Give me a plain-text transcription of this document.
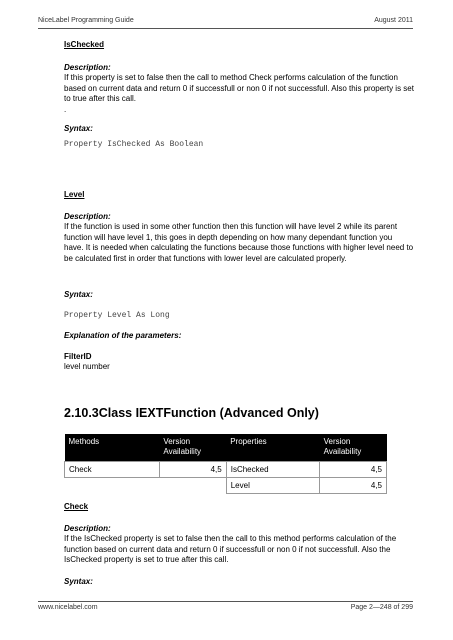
NiceLabel Programming Guide	August 2011
IsChecked
Description:
If this property is set to false then the call to method Check performs calculation of the function based on current data and return 0 if successfull or non 0 if not successfull. Also this property is set to true after this call.
.
Syntax:
Property IsChecked As Boolean
Level
Description:
If the function is used in some other function then this function will have level 2 while its parent function will have level 1, this goes in depth depending on how many dependant function you have. It is needed when calculating the functions because those functions with higher level need to be calculated first in order that functions with lower level are calculated properly.
Syntax:
Property Level As Long
Explanation of the parameters:
FilterID
level number
2.10.3Class IEXTFunction (Advanced Only)
Methods	Version Availability	Properties	Version Availability
Check	4,5	IsChecked	4,5
		Level	4,5
Check
Description:
If the IsChecked property is set to false then the call to this method performs calculation of the function based on current data and return 0 if successfull or non 0 if not successfull. Also the IsChecked property is set to true after this call.
Syntax:
www.nicelabel.com	Page 2—248 of 299
